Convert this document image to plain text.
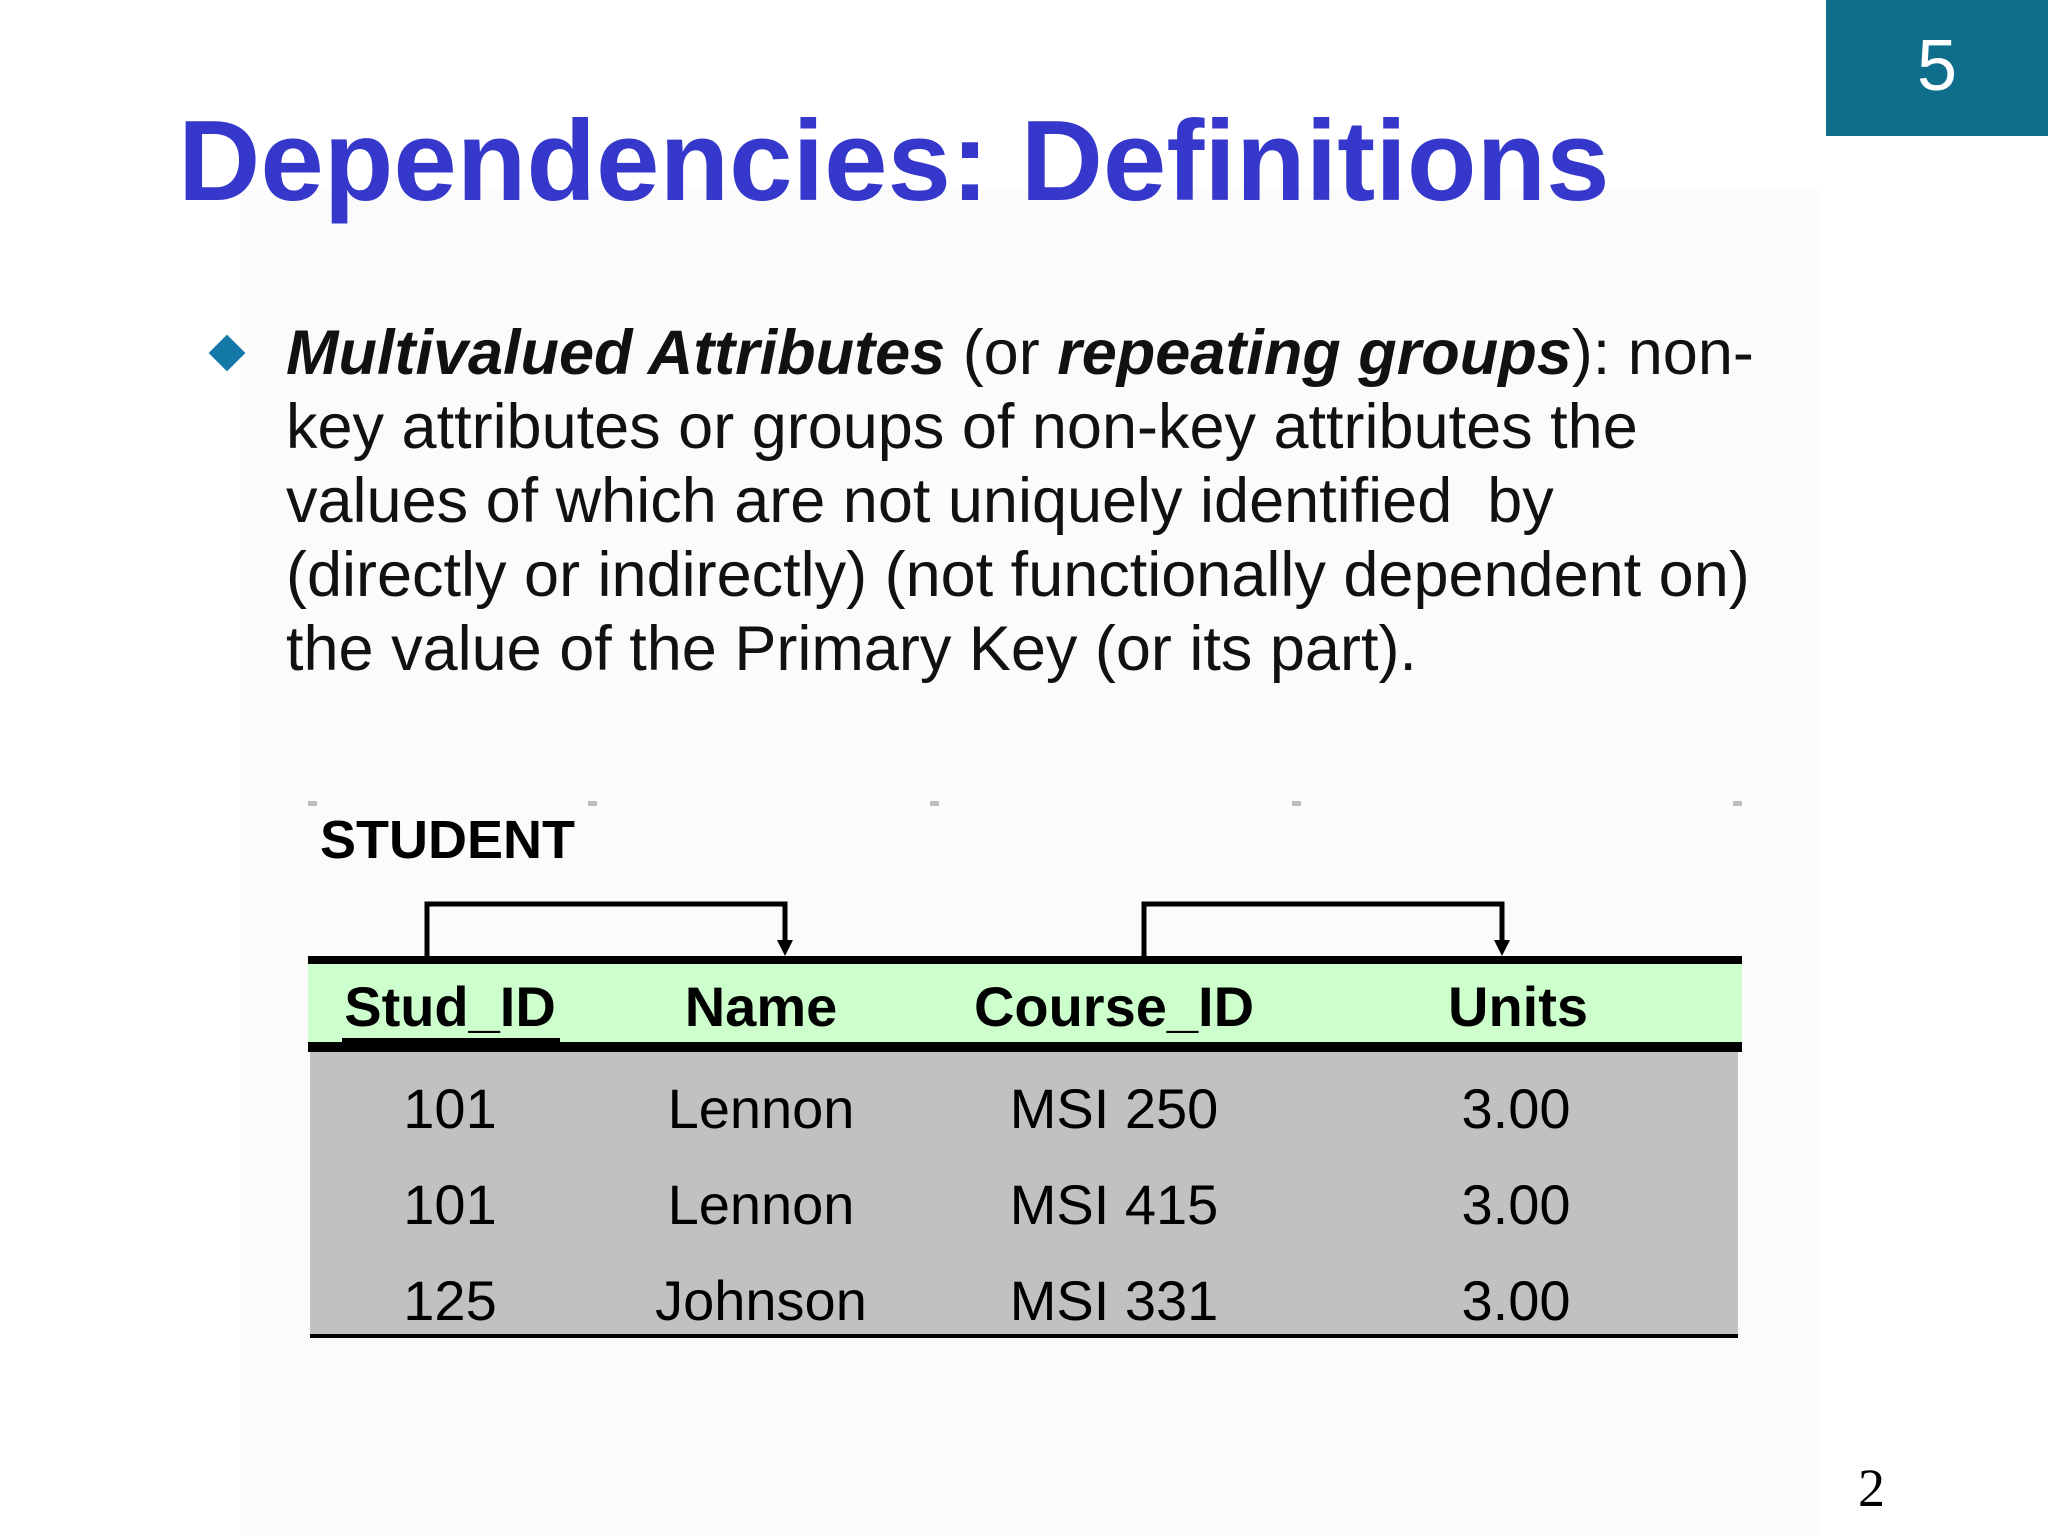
5
Dependencies: Definitions
Multivalued Attributes (or repeating groups): non-
key attributes or groups of non-key attributes the
values of which are not uniquely identified  by
(directly or indirectly) (not functionally dependent on)
the value of the Primary Key (or its part).
STUDENT
Stud_ID	Name	Course_ID	Units
101	Lennon	MSI 250	3.00
101	Lennon	MSI 415	3.00
125	Johnson	MSI 331	3.00
2
